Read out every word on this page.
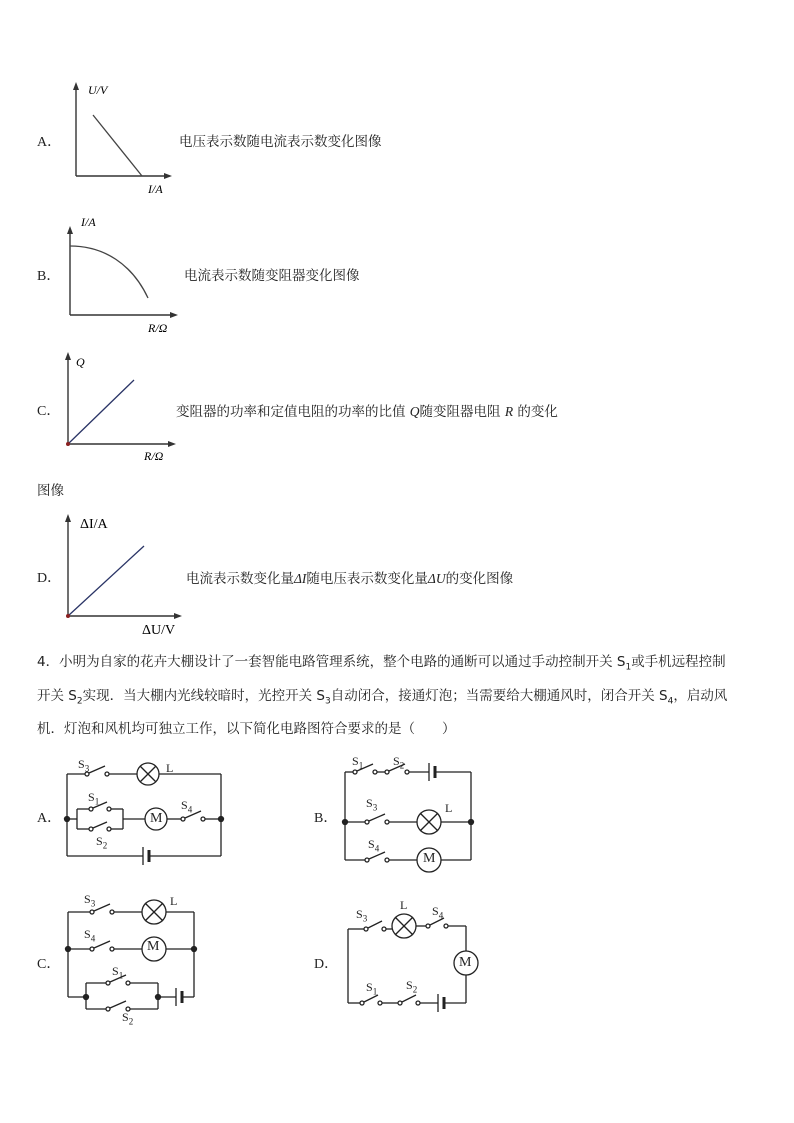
A．
U/V
I/A
电压表示数随电流表示数变化图像
B．
I/A
R/Ω
电流表示数随变阻器变化图像
C．
Q
R/Ω
变阻器的功率和定值电阻的功率的比值 Q随变阻器电阻 R 的变化
图像
D．
ΔI/A
ΔU/V
电流表示数变化量ΔI随电压表示数变化量ΔU的变化图像
4．小明为自家的花卉大棚设计了一套智能电路管理系统，整个电路的通断可以通过手动控制开关 $S_1$或手机远程控制
开关 $S_2$实现．当大棚内光线较暗时，光控开关 $S_3$自动闭合，接通灯泡；当需要给大棚通风时，闭合开关 $S_4$，启动风
机．灯泡和风机均可独立工作，以下简化电路图符合要求的是（　　）
A．
$S_3$	L
$S_1$
M
$S_4$
$S_2$
B．
$S_1$ $S_2$
$S_3$	L
$S_4$
M
C．
$S_3$	L
$S_4$
M
$S_1$
$S_2$
D．
$S_3$
L $S_4$
M
$S_1$ $S_2$
